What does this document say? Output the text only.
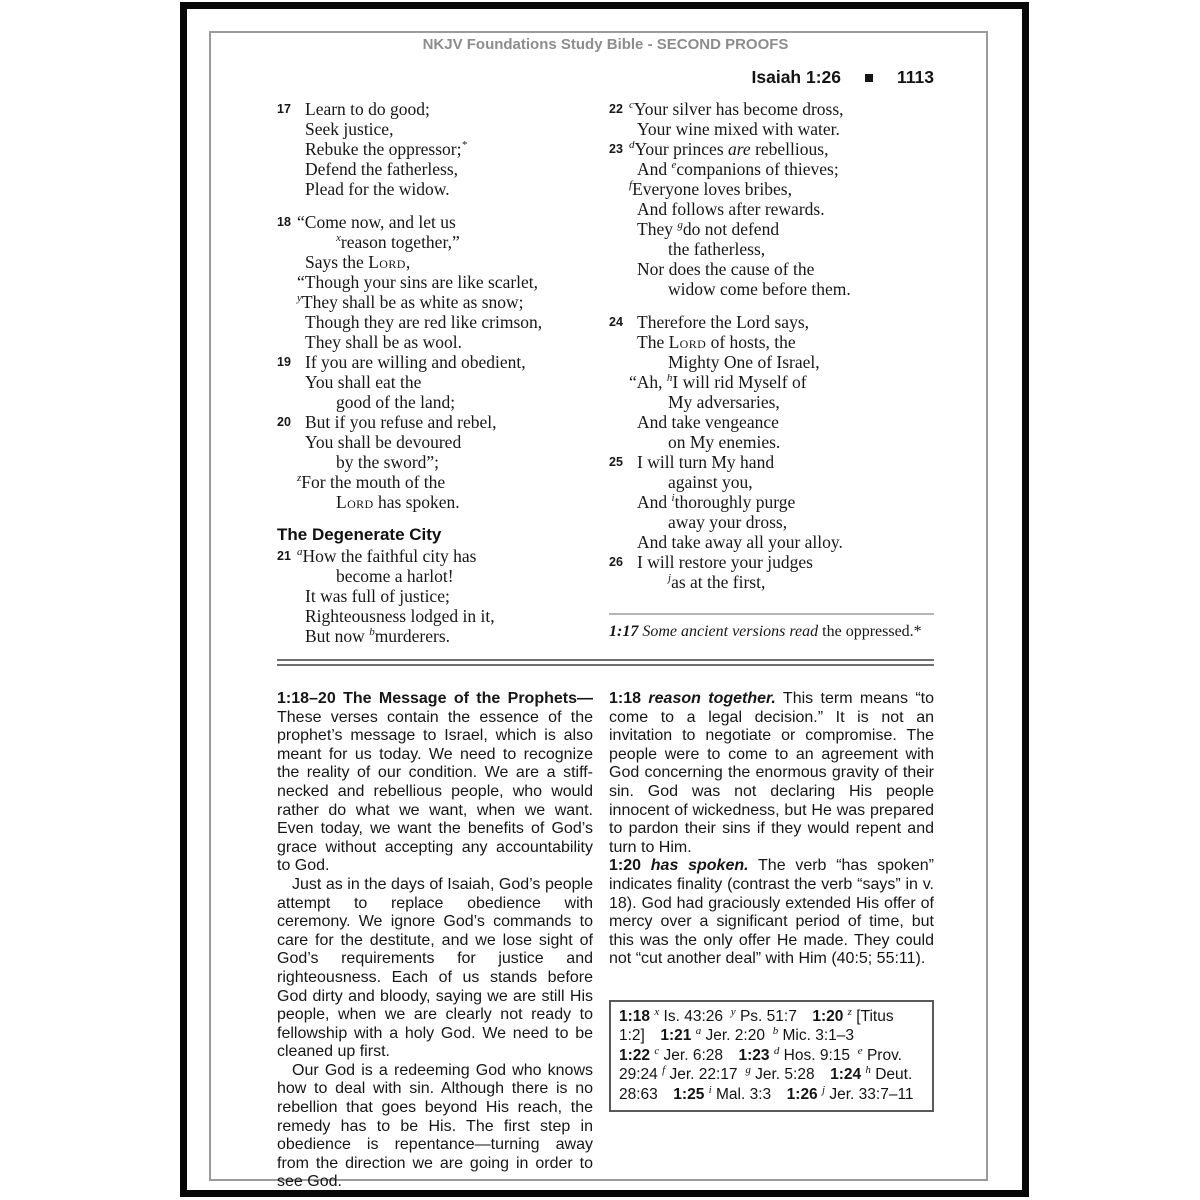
NKJV Foundations Study Bible - SECOND PROOFS
Isaiah 1:26	1113
17 Learn to do good;
Seek justice,
Rebuke the oppressor;*
Defend the fatherless,
Plead for the widow.
18 “Come now, and let us
$^x$reason together,”
Says the Lord,
“Though your sins are like scarlet,
$^y$They shall be as white as snow;
Though they are red like crimson,
They shall be as wool.
19 If you are willing and obedient,
You shall eat the
good of the land;
20 But if you refuse and rebel,
You shall be devoured
by the sword”;
$^z$For the mouth of the
Lord has spoken.
The Degenerate City
21 $^a$How the faithful city has
become a harlot!
It was full of justice;
Righteousness lodged in it,
But now $^b$murderers.
22 $^c$Your silver has become dross,
Your wine mixed with water.
23 $^d$Your princes are rebellious,
And $^e$companions of thieves;
$^f$Everyone loves bribes,
And follows after rewards.
They $^g$do not defend
the fatherless,
Nor does the cause of the
widow come before them.
24 Therefore the Lord says,
The Lord of hosts, the
Mighty One of Israel,
“Ah, $^h$I will rid Myself of
My adversaries,
And take vengeance
on My enemies.
25 I will turn My hand
against you,
And $^i$thoroughly purge
away your dross,
And take away all your alloy.
26 I will restore your judges
$^j$as at the first,
1:17 Some ancient versions read the oppressed.*
1:18–20 The Message of the Prophets—These verses contain the essence of the prophet’s message to Israel, which is also meant for us today. We need to recognize the reality of our condition. We are a stiff-necked and rebellious people, who would rather do what we want, when we want. Even today, we want the benefits of God’s grace without accepting any accountability to God.
Just as in the days of Isaiah, God’s people attempt to replace obedience with ceremony. We ignore God’s commands to care for the destitute, and we lose sight of God’s requirements for justice and righteousness. Each of us stands before God dirty and bloody, saying we are still His people, when we are clearly not ready to fellowship with a holy God. We need to be cleaned up first.
Our God is a redeeming God who knows how to deal with sin. Although there is no rebellion that goes beyond His reach, the remedy has to be His. The first step in obedience is repentance—turning away from the direction we are going in order to see God.
1:18 reason together. This term means “to come to a legal decision.” It is not an invitation to negotiate or compromise. The people were to come to an agreement with God concerning the enormous gravity of their sin. God was not declaring His people innocent of wickedness, but He was prepared to pardon their sins if they would repent and turn to Him.
1:20 has spoken. The verb “has spoken” indicates finality (contrast the verb “says” in v. 18). God had graciously extended His offer of mercy over a significant period of time, but this was the only offer He made. They could not “cut another deal” with Him (40:5; 55:11).
1:18 $^x$ Is. 43:26 $^y$ Ps. 51:7 1:20 $^z$ [Titus
1:2] 1:21 $^a$ Jer. 2:20 $^b$ Mic. 3:1–3
1:22 $^c$ Jer. 6:28 1:23 $^d$ Hos. 9:15 $^e$ Prov.
29:24 $^f$ Jer. 22:17 $^g$ Jer. 5:28 1:24 $^h$ Deut.
28:63 1:25 $^i$ Mal. 3:3 1:26 $^j$ Jer. 33:7–11
